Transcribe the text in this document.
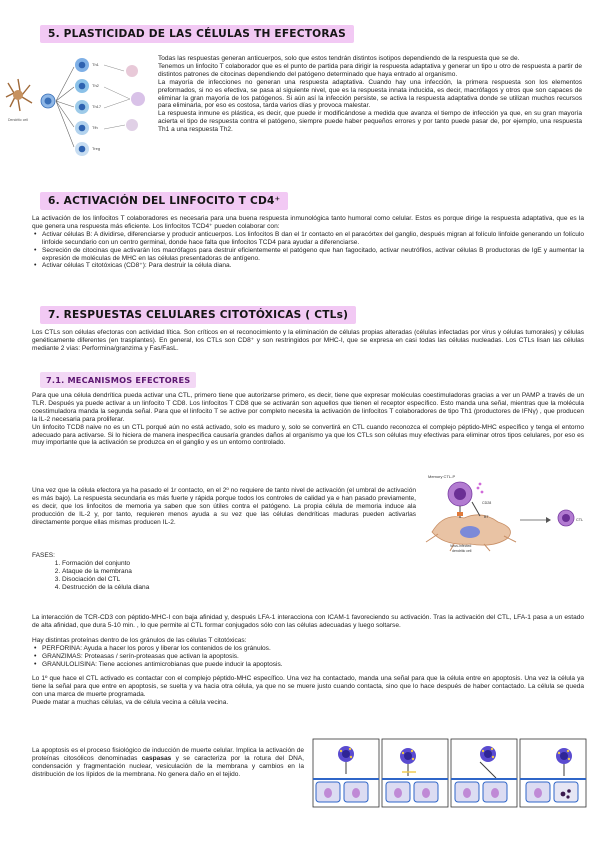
5. PLASTICIDAD DE LAS CÉLULAS TH EFECTORAS
Dendritic cell
Th1
Th2
Th17
Tfh
Treg

Todas las respuestas generan anticuerpos, solo que estos tendrán distintos isotipos dependiendo de la respuesta que se de.

Tenemos un linfocito T colaborador que es el punto de partida para dirigir la respuesta adaptativa y generar un tipo u otro de respuesta a partir de distintos patrones de citocinas dependiendo del patógeno determinado que haya entrado al organismo.

La mayoría de infecciones no generan una respuesta adaptativa. Cuando hay una infección, la primera respuesta son los elementos preformados, si no es efectiva, se pasa al siguiente nivel, que es la respuesta innata inducida, es decir, macrófagos y otros que son capaces de eliminar la gran mayoría de los patógenos. Si aún así la infección persiste, se activa la respuesta adaptativa donde se utilizan muchos recursos para eliminarla, por eso es costosa, tarda varios días y provoca malestar.

La respuesta inmune es plástica, es decir, que puede ir modificándose a medida que avanza el tiempo de infección ya que, en su gran mayoría acierta el tipo de respuesta contra el patógeno, siempre puede haber pequeños errores y por tanto puede pasar de, por ejemplo, una respuesta Th1 a una respuesta Th2.

6. ACTIVACIÓN DEL LINFOCITO T CD4⁺

La activación de los linfocitos T colaboradores es necesaria para una buena respuesta inmunológica tanto humoral como celular. Estos es porque dirige la respuesta adaptativa, que es la que genera una respuesta más eficiente. Los linfocitos TCD4⁺ pueden colaborar con:

• Activar células B: A dividirse, diferenciarse y producir anticuerpos. Los linfocitos B dan el 1r contacto en el paracórtex del ganglio, después migran al folículo linfoide generando un folículo linfoide secundario con un centro germinal, donde hace falta que linfocitos TCD4 para ayudar a diferenciarse.
• Secreción de citocinas que activarán los macrófagos para destruir eficientemente el patógeno que han fagocitado, activar neutrófilos, activar células B productoras de IgE y aumentar la expresión de moléculas de MHC en las células presentadoras de antígeno.
• Activar células T citotóxicas (CD8⁺): Para destruir la célula diana.
7. RESPUESTAS CELULARES CITOTÓXICAS ( CTLs)

Los CTLs son células efectoras con actividad lítica. Son críticos en el reconocimiento y la eliminación de células propias alteradas (células infectadas por virus y células tumorales) y células genéticamente diferentes (en trasplantes). En general, los CTLs son CD8⁺ y son restringidos por MHC-I, que se expresa en casi todas las células nucleadas. Los CTLs lisan las células mediante 2 vías: Performina/granzima y Fas/FasL.

7.1. MECANISMOS EFECTORES

Para que una célula dendrítica pueda activar una CTL, primero tiene que autorizarse primero, es decir, tiene que expresar moléculas coestimuladoras gracias a ver un PAMP a través de un TLR. Después ya puede activar a un linfocito T CD8. Los linfocitos T CD8 que se activarán son aquellos que tienen el receptor específico. Esto manda una señal, mientras que la molécula coestimuladora manda la segunda señal. Para que el linfocito T se active por completo necesita la activación de linfocitos T colaboradores de tipo Th1 (productores de IFNγ) , que producen la IL-2 necesaria para proliferar.

Un linfocito TCD8 naive no es un CTL porqué aún no está activado, solo es maduro y, solo se convertirá en CTL cuando reconozca el complejo péptido-MHC específico y tenga el entorno adecuado para activarse. Si lo hiciera de manera inespecífica causaría grandes daños al organismo ya que los CTLs son células muy efectivas para eliminar otros tipos celulares, por eso es muy importante que la activación se produzca en el ganglio y es un entorno controlado.

Una vez que la célula efectora ya ha pasado el 1r contacto, en el 2º no requiere de tanto nivel de activación (el umbral de activación es más bajo). La respuesta secundaria es más fuerte y rápida porque todos los controles de calidad ya e han pasado previamente, es decir, que los linfocitos de memoria ya saben que son útiles contra el patógeno. La propia célula de memoria induce ala producción de IL-2 y, por tanto, requieren menos ayuda a su vez que las células dendríticas maduras pueden activarlas directamente porque ellas mismas producen IL-2.

Memory CTL-P
CD28
B7
CTL
Virus-infected
dendritic cell

FASES:

1. Formación del conjunto
2. Ataque de la membrana
3. Disociación del CTL
4. Destrucción de la célula diana

La interacción de TCR-CD3 con péptido-MHC-I con baja afinidad y, después LFA-1 interacciona con ICAM-1 favoreciendo su activación. Tras la activación del CTL, LFA-1 pasa a un estado de alta afinidad, que dura 5-10 min. , lo que permite al CTL formar conjugados sólo con las células adecuadas y luego soltarse.

Hay distintas proteínas dentro de los gránulos de las células T citotóxicas:

• PERFORINA: Ayuda a hacer los poros y liberar los contenidos de los gránulos.
• GRANZIMAS: Proteasas / serín-proteasas que activan la apoptosis.
• GRANULOLISINA: Tiene acciones antimicrobianas que puede inducir la apoptosis.

Lo 1º que hace el CTL activado es contactar con el complejo péptido-MHC específico. Una vez ha contactado, manda una señal para que la célula entre en apoptosis. Una vez la célula ya tiene la señal para que entre en apoptosis, se suelta y va hacia otra célula, ya que no se muere justo cuando contacta, sino que lo hace después de haber contactado. La célula se queda con una marca de muerte programada.

Puede matar a muchas células, va de célula vecina a célula vecina.

La apoptosis es el proceso fisiológico de inducción de muerte celular. Implica la activación de proteínas citosólicos denominadas caspasas y se caracteriza por la rotura del DNA, condensación y fragmentación nuclear, vesiculación de la membrana y cambios en la distribución de los lípidos de la membrana. No genera daño en el tejido.
